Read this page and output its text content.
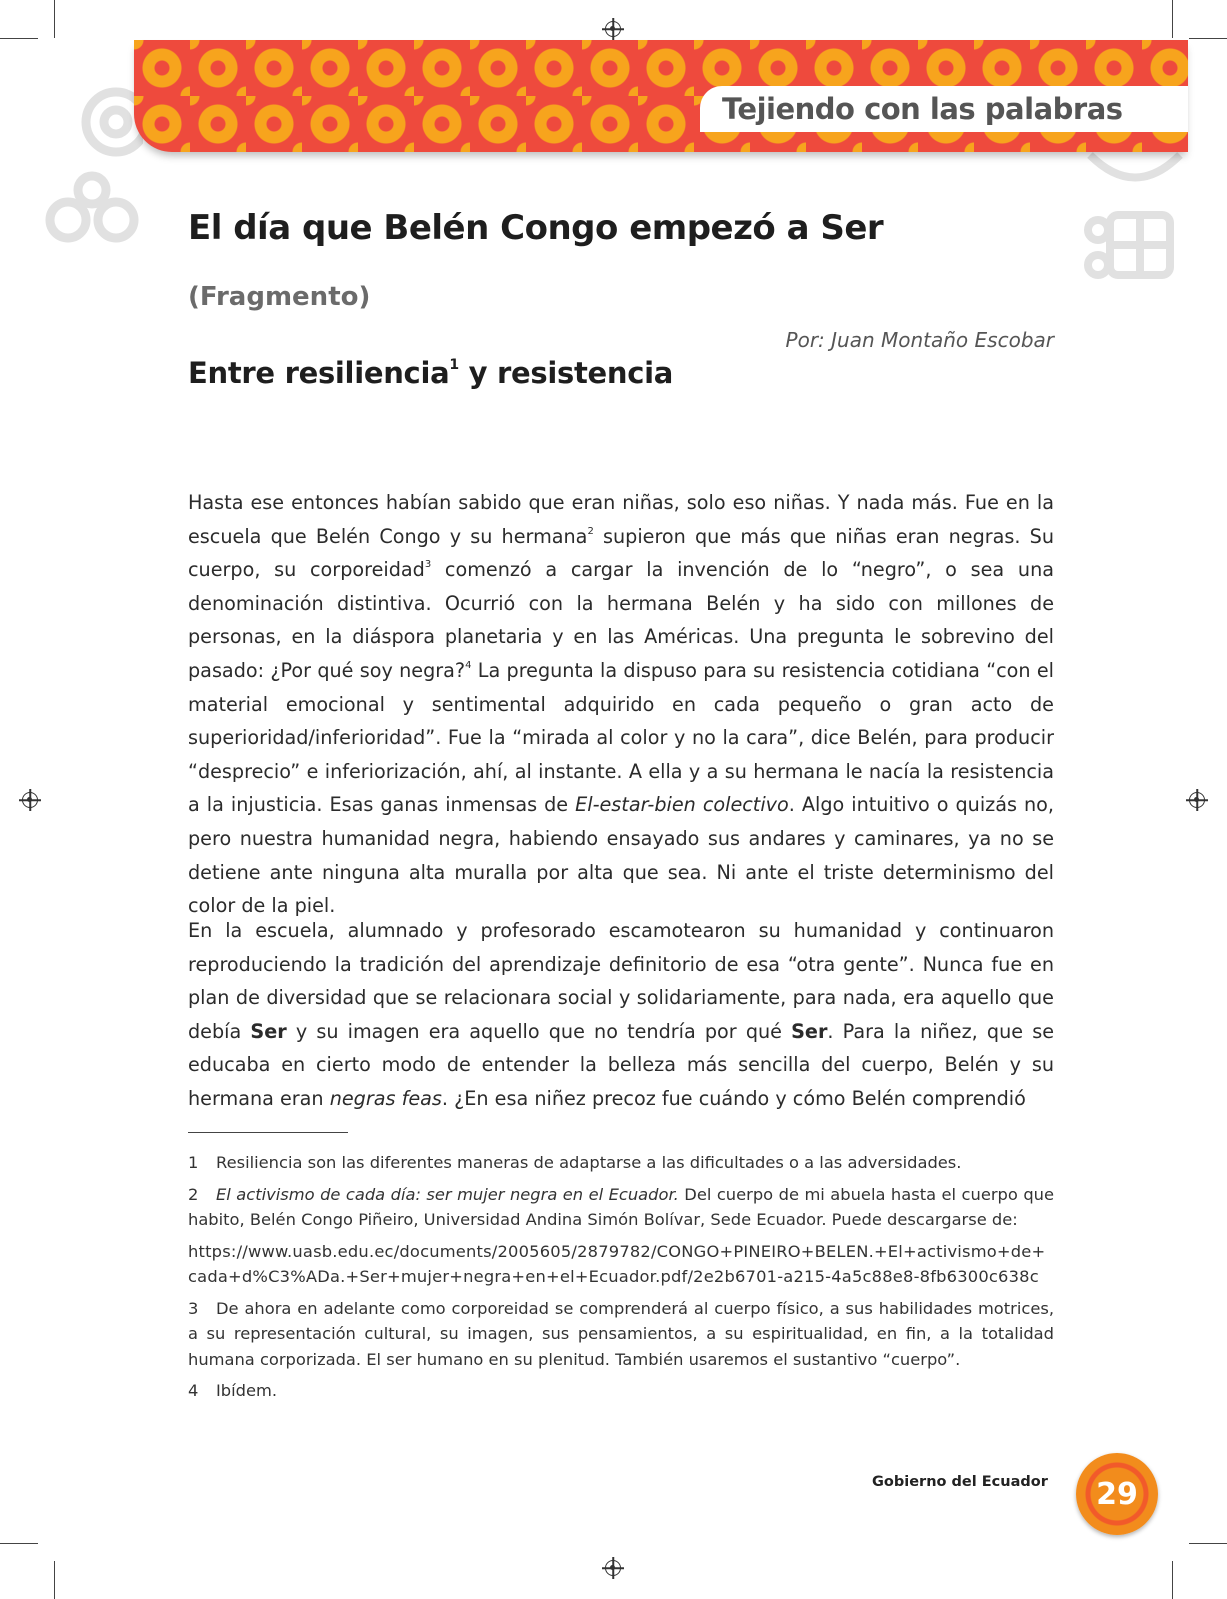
Tejiendo con las palabras
El día que Belén Congo empezó a Ser
(Fragmento)

Por: Juan Montaño Escobar

Entre resiliencia$^1$ y resistencia

Hasta ese entonces habían sabido que eran niñas, solo eso niñas. Y nada más. Fue en la escuela que Belén Congo y su hermana$^2$ supieron que más que niñas eran negras. Su cuerpo, su corporeidad$^3$ comenzó a cargar la invención de lo “negro”, o sea una denominación distintiva. Ocurrió con la hermana Belén y ha sido con millones de personas, en la diáspora planetaria y en las Américas. Una pregunta le sobrevino del pasado: ¿Por qué soy negra?$^4$ La pregunta la dispuso para su resistencia cotidiana “con el material emocional y sentimental adquirido en cada pequeño o gran acto de superioridad/inferioridad”. Fue la “mirada al color y no la cara”, dice Belén, para producir “desprecio” e inferiorización, ahí, al instante. A ella y a su hermana le nacía la resistencia a la injusticia. Esas ganas inmensas de El-estar-bien colectivo. Algo intuitivo o quizás no, pero nuestra humanidad negra, habiendo ensayado sus andares y caminares, ya no se detiene ante ninguna alta muralla por alta que sea. Ni ante el triste determinismo del color de la piel.

En la escuela, alumnado y profesorado escamotearon su humanidad y continuaron reproduciendo la tradición del aprendizaje definitorio de esa “otra gente”. Nunca fue en plan de diversidad que se relacionara social y solidariamente, para nada, era aquello que debía Ser y su imagen era aquello que no tendría por qué Ser. Para la niñez, que se educaba en cierto modo de entender la belleza más sencilla del cuerpo, Belén y su hermana eran negras feas. ¿En esa niñez precoz fue cuándo y cómo Belén comprendió

1 Resiliencia son las diferentes maneras de adaptarse a las dificultades o a las adversidades.

2 El activismo de cada día: ser mujer negra en el Ecuador. Del cuerpo de mi abuela hasta el cuerpo que habito, Belén Congo Piñeiro, Universidad Andina Simón Bolívar, Sede Ecuador. Puede descargarse de:

https://www.uasb.edu.ec/documents/2005605/2879782/CONGO+PINEIRO+BELEN.+El+activismo+de+cada+d%C3%ADa.+Ser+mujer+negra+en+el+Ecuador.pdf/2e2b6701-a215-4a5c88e8-8fb6300c638c

3 De ahora en adelante como corporeidad se comprenderá al cuerpo físico, a sus habilidades motrices, a su representación cultural, su imagen, sus pensamientos, a su espiritualidad, en fin, a la totalidad humana corporizada. El ser humano en su plenitud. También usaremos el sustantivo “cuerpo”.

4 Ibídem.

Gobierno del Ecuador 29
